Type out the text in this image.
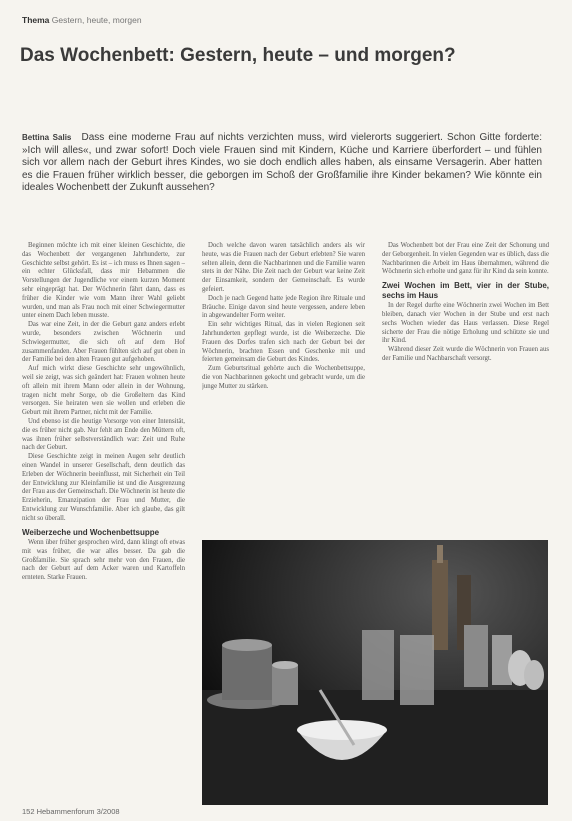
Thema Gestern, heute, morgen
Das Wochenbett: Gestern, heute – und morgen?

Bettina Salis Dass eine moderne Frau auf nichts verzichten muss, wird vielerorts suggeriert. Schon Gitte forderte: »Ich will alles«, und zwar sofort! Doch viele Frauen sind mit Kindern, Küche und Karriere überfordert – und fühlen sich vor allem nach der Geburt ihres Kindes, wo sie doch endlich alles haben, als einsame Versagerin. Aber hatten es die Frauen früher wirklich besser, die geborgen im Schoß der Großfamilie ihre Kinder bekamen? Wie könnte ein ideales Wochenbett der Zukunft aussehen?

Beginnen möchte ich mit einer kleinen Geschichte, die das Wochenbett der vergangenen Jahrhunderte, zur Geschichte selbst gehört. Es ist – ich muss es Ihnen sagen – ein echter Glücksfall, dass mir Hebammen die Vorstellungen der Jugendliche vor einem kurzen Moment sehr eingeprägt hat. Der Wöchnerin fährt dann, dass es früher die Kinder wie vom Mann ihrer Wahl geliebt wurden, und man als Frau noch mit einer Schwiegermutter unter einem Dach leben musste.

Das war eine Zeit, in der die Geburt ganz anders erlebt wurde, besonders zwischen Wöchnerin und Schwiegermutter, die sich oft auf dem Hof zusammenfanden. Aber Frauen fühlten sich auf gut oben in der Familie bei den alten Frauen gut aufgehoben.

Auf mich wirkt diese Geschichte sehr ungewöhnlich, weil sie zeigt, was sich geändert hat: Frauen wohnen heute oft allein mit ihrem Mann oder allein in der Wohnung, tragen nicht mehr Sorge, ob die Großeltern das Kind versorgen. Sie heiraten wen sie wollen und erleben die Geburt mit ihrem Partner, nicht mit der Familie.

Und ebenso ist die heutige Vorsorge von einer Intensität, die es früher nicht gab. Nur fehlt am Ende den Müttern oft, was ihnen früher selbstverständlich war: Zeit und Ruhe nach der Geburt.

Diese Geschichte zeigt in meinen Augen sehr deutlich einen Wandel in unserer Gesellschaft, denn deutlich das Erleben der Wöchnerin beeinflusst, mit Sicherheit ein Teil der Entwicklung zur Kleinfamilie ist und die Ausgrenzung der Frau aus der Gemeinschaft. Die Wöchnerin ist heute die Erzieherin, Emanzipation der Frau und Mutter, die Entwicklung zur Wunschfamilie. Aber ich glaube, das gilt nicht so überall.

Weiberzeche und Wochenbettsuppe

Wenn über früher gesprochen wird, dann klingt oft etwas mit was früher, die war alles besser. Da gab die Großfamilie. Sie sprach sehr mehr von den Frauen, die nach der Geburt auf dem Acker waren und Kartoffeln ernteten. Starke Frauen.

Doch welche davon waren tatsächlich anders als wir heute, was die Frauen nach der Geburt erlebten? Sie waren selten allein, denn die Nachbarinnen und die Familie waren stets in der Nähe. Die Zeit nach der Geburt war keine Zeit der Einsamkeit, sondern der Gemeinschaft. Es wurde gefeiert.

Doch je nach Gegend hatte jede Region ihre Rituale und Bräuche. Einige davon sind heute vergessen, andere leben in abgewandelter Form weiter.

Ein sehr wichtiges Ritual, das in vielen Regionen seit Jahrhunderten gepflegt wurde, ist die Weiberzeche. Die Frauen des Dorfes trafen sich nach der Geburt bei der Wöchnerin, brachten Essen und Geschenke mit und feierten gemeinsam die Geburt des Kindes.

Zum Geburtsritual gehörte auch die Wochenbettsuppe, die von Nachbarinnen gekocht und gebracht wurde, um die junge Mutter zu stärken.

Das Wochenbett bot der Frau eine Zeit der Schonung und der Geborgenheit. In vielen Gegenden war es üblich, dass die Nachbarinnen die Arbeit im Haus übernahmen, während die Wöchnerin sich erholte und ganz für ihr Kind da sein konnte.

Zwei Wochen im Bett, vier in der Stube, sechs im Haus

In der Regel durfte eine Wöchnerin zwei Wochen im Bett bleiben, danach vier Wochen in der Stube und erst nach sechs Wochen wieder das Haus verlassen. Diese Regel sicherte der Frau die nötige Erholung und schützte sie und ihr Kind.

Während dieser Zeit wurde die Wöchnerin von Frauen aus der Familie und Nachbarschaft versorgt.

152 Hebammenforum 3/2008
